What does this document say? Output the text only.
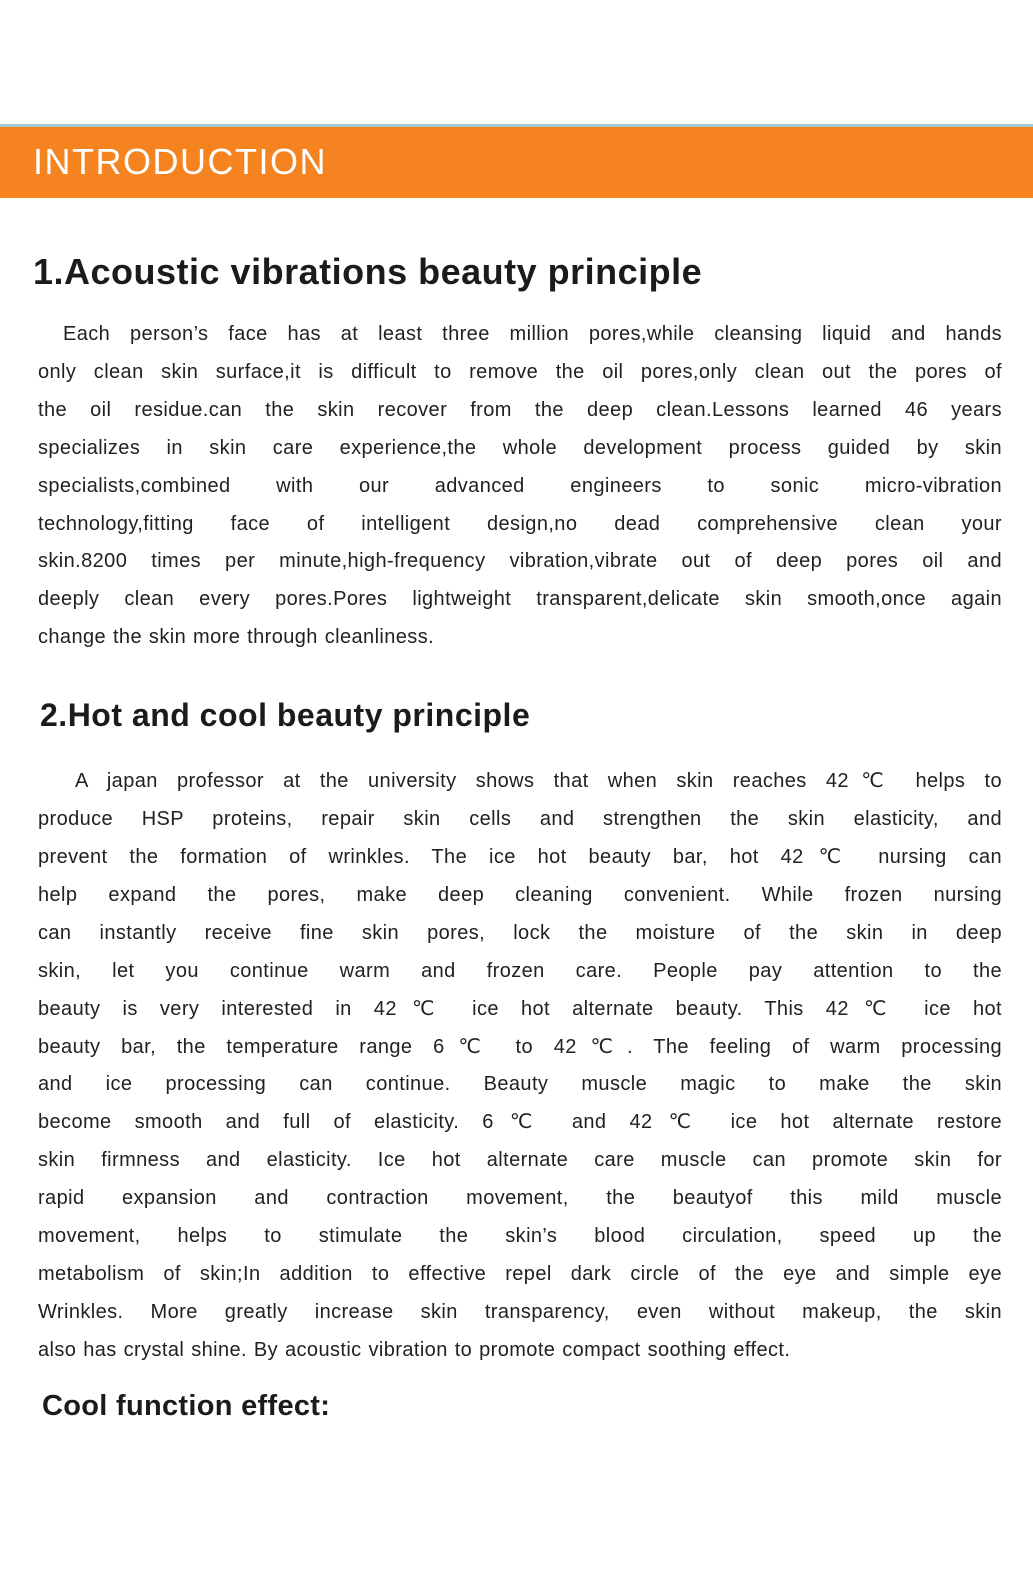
INTRODUCTION
1.Acoustic vibrations beauty principle
Each person’s face has at least three million pores,while cleansing liquid and hands
only clean skin surface,it is difficult to remove the oil pores,only clean out the pores of
the oil residue.can the skin recover from the deep clean.Lessons learned 46 years
specializes in skin care experience,the whole development process guided by skin
specialists,combined with our advanced engineers to sonic micro-vibration
technology,fitting face of intelligent design,no dead comprehensive clean your
skin.8200 times per minute,high-frequency vibration,vibrate out of deep pores oil and
deeply clean every pores.Pores lightweight transparent,delicate skin smooth,once again
change the skin more through cleanliness.
2.Hot and cool beauty principle
A japan professor at the university shows that when skin reaches 42℃ helps to
produce HSP proteins, repair skin cells and strengthen the skin elasticity, and
prevent the formation of wrinkles. The ice hot beauty bar, hot 42℃ nursing can
help expand the pores, make deep cleaning convenient. While frozen nursing
can instantly receive fine skin pores, lock the moisture of the skin in deep
skin, let you continue warm and frozen care. People pay attention to the
beauty is very interested in 42℃ ice hot alternate beauty. This 42℃ ice hot
beauty bar, the temperature range 6℃ to 42℃. The feeling of warm processing
and ice processing can continue. Beauty muscle magic to make the skin
become smooth and full of elasticity. 6℃ and 42℃ ice hot alternate restore
skin firmness and elasticity. Ice hot alternate care muscle can promote skin for
rapid expansion and contraction movement, the beautyof this mild muscle
movement, helps to stimulate the skin’s blood circulation, speed up the
metabolism of skin;In addition to effective repel dark circle of the eye and simple eye
Wrinkles. More greatly increase skin transparency, even without makeup, the skin
also has crystal shine. By acoustic vibration to promote compact soothing effect.
Cool function effect:
